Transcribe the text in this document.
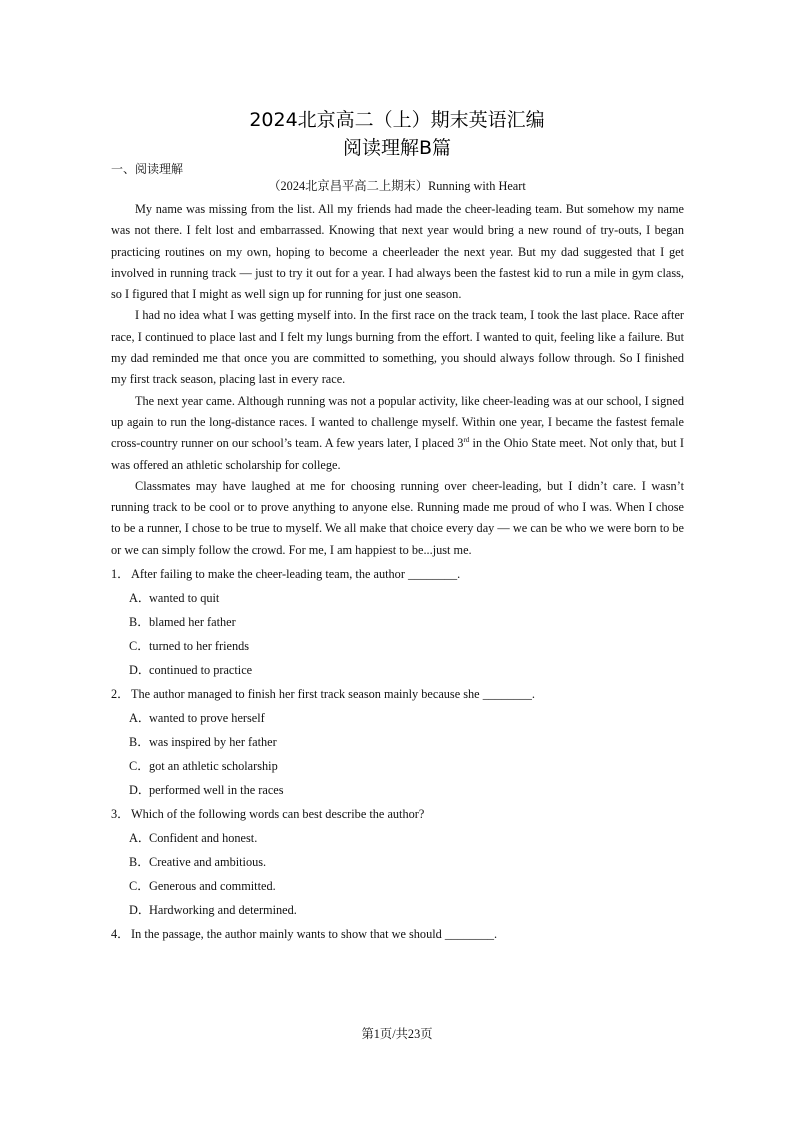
2024北京高二（上）期末英语汇编
阅读理解B篇
一、阅读理解
（2024北京昌平高二上期末）Running with Heart

My name was missing from the list. All my friends had made the cheer-leading team. But somehow my name was not there. I felt lost and embarrassed. Knowing that next year would bring a new round of try-outs, I began practicing routines on my own, hoping to become a cheerleader the next year. But my dad suggested that I get involved in running track — just to try it out for a year. I had always been the fastest kid to run a mile in gym class, so I figured that I might as well sign up for running for just one season.

I had no idea what I was getting myself into. In the first race on the track team, I took the last place. Race after race, I continued to place last and I felt my lungs burning from the effort. I wanted to quit, feeling like a failure. But my dad reminded me that once you are committed to something, you should always follow through. So I finished my first track season, placing last in every race.

The next year came. Although running was not a popular activity, like cheer-leading was at our school, I signed up again to run the long-distance races. I wanted to challenge myself. Within one year, I became the fastest female cross-country runner on our school’s team. A few years later, I placed 3rd in the Ohio State meet. Not only that, but I was offered an athletic scholarship for college.

Classmates may have laughed at me for choosing running over cheer-leading, but I didn’t care. I wasn’t running track to be cool or to prove anything to anyone else. Running made me proud of who I was. When I chose to be a runner, I chose to be true to myself. We all make that choice every day — we can be who we were born to be or we can simply follow the crowd. For me, I am happiest to be...just me.

1． After failing to make the cheer-leading team, the author ________.
A．wanted to quit
B．blamed her father
C．turned to her friends
D．continued to practice
2． The author managed to finish her first track season mainly because she ________.
A．wanted to prove herself
B．was inspired by her father
C．got an athletic scholarship
D．performed well in the races
3． Which of the following words can best describe the author?
A．Confident and honest.
B．Creative and ambitious.
C．Generous and committed.
D．Hardworking and determined.
4． In the passage, the author mainly wants to show that we should ________.
第1页/共23页
